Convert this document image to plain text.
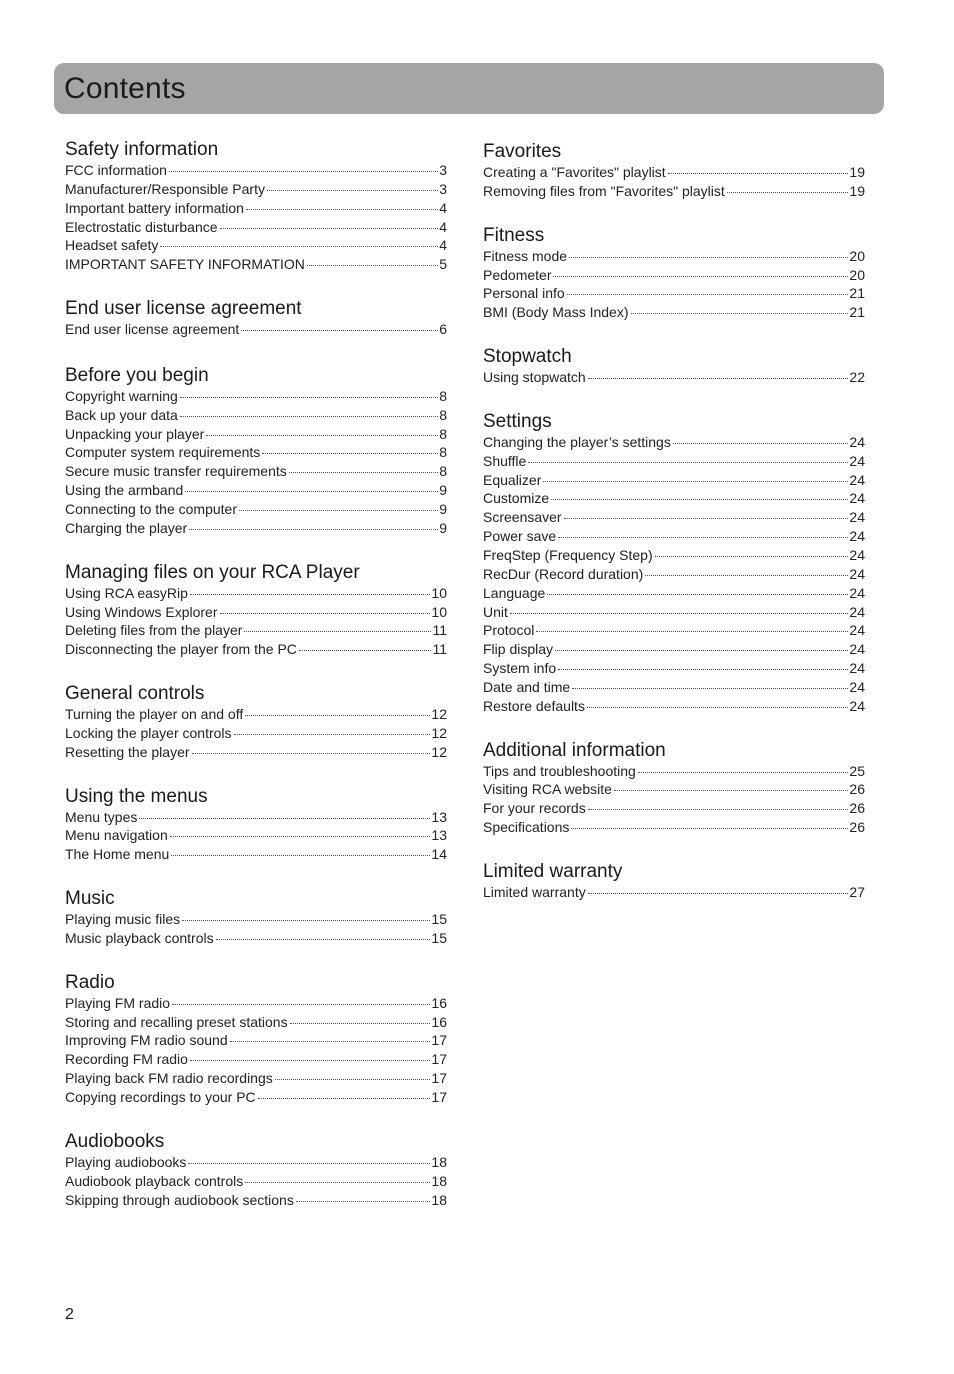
Contents
Safety information
FCC information	3
Manufacturer/Responsible Party	3
Important battery information	4
Electrostatic disturbance	4
Headset safety	4
IMPORTANT SAFETY INFORMATION	5
End user license agreement
End user license agreement	6
Before you begin
Copyright warning	8
Back up your data	8
Unpacking your player	8
Computer system requirements	8
Secure music transfer requirements	8
Using the armband	9
Connecting to the computer	9
Charging the player	9
Managing files on your RCA Player
Using RCA easyRip	10
Using Windows Explorer	10
Deleting files from the player	11
Disconnecting the player from the PC	11
General controls
Turning the player on and off	12
Locking the player controls	12
Resetting the player	12
Using the menus
Menu types	13
Menu navigation	13
The Home menu	14
Music
Playing music files	15
Music playback controls	15
Radio
Playing FM radio	16
Storing and recalling preset stations	16
Improving FM radio sound	17
Recording FM radio	17
Playing back FM radio recordings	17
Copying recordings to your PC	17
Audiobooks
Playing audiobooks	18
Audiobook playback controls	18
Skipping through audiobook sections	18
Favorites
Creating a "Favorites" playlist	19
Removing files from "Favorites" playlist	19
Fitness
Fitness mode	20
Pedometer	20
Personal info	21
BMI (Body Mass Index)	21
Stopwatch
Using stopwatch	22
Settings
Changing the player’s settings	24
Shuffle	24
Equalizer	24
Customize	24
Screensaver	24
Power save	24
FreqStep (Frequency Step)	24
RecDur (Record duration)	24
Language	24
Unit	24
Protocol	24
Flip display	24
System info	24
Date and time	24
Restore defaults	24
Additional information
Tips and troubleshooting	25
Visiting RCA website	26
For your records	26
Specifications	26
Limited warranty
Limited warranty	27
2
